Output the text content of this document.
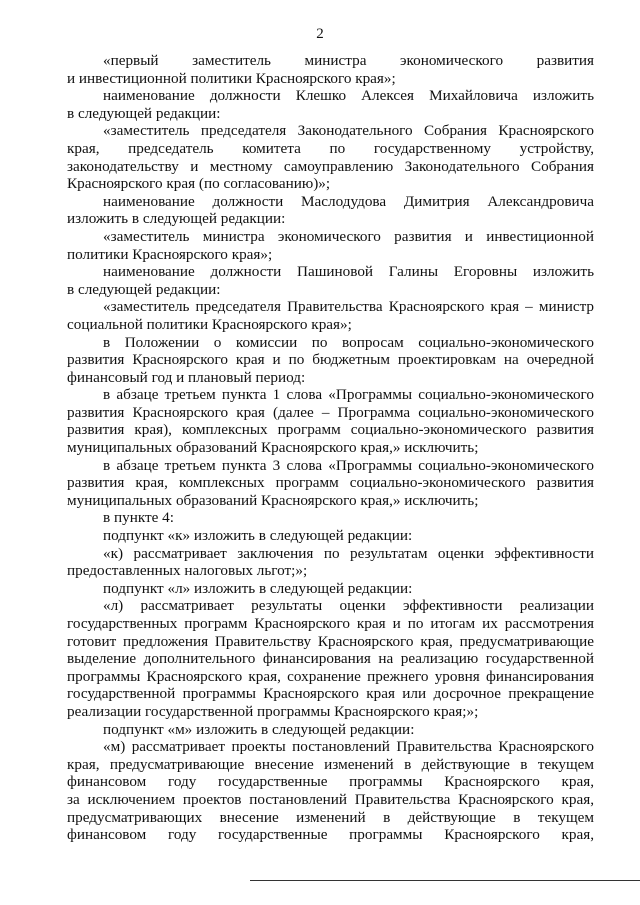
2
«первый заместитель министра экономического развития
и инвестиционной политики Красноярского края»;
наименование должности Клешко Алексея Михайловича изложить
в следующей редакции:
«заместитель председателя Законодательного Собрания Красноярского
края, председатель комитета по государственному устройству,
законодательству и местному самоуправлению Законодательного Собрания
Красноярского края (по согласованию)»;
наименование должности Маслодудова Димитрия Александровича
изложить в следующей редакции:
«заместитель министра экономического развития и инвестиционной
политики Красноярского края»;
наименование должности Пашиновой Галины Егоровны изложить
в следующей редакции:
«заместитель председателя Правительства Красноярского края – министр
социальной политики Красноярского края»;
в Положении о комиссии по вопросам социально-экономического
развития Красноярского края и по бюджетным проектировкам на очередной
финансовый год и плановый период:
в абзаце третьем пункта 1 слова «Программы социально-экономического
развития Красноярского края (далее – Программа социально-экономического
развития края), комплексных программ социально-экономического развития
муниципальных образований Красноярского края,» исключить;
в абзаце третьем пункта 3 слова «Программы социально-экономического
развития края, комплексных программ социально-экономического развития
муниципальных образований Красноярского края,» исключить;
в пункте 4:
подпункт «к» изложить в следующей редакции:
«к) рассматривает заключения по результатам оценки эффективности
предоставленных налоговых льгот;»;
подпункт «л» изложить в следующей редакции:
«л) рассматривает результаты оценки эффективности реализации
государственных программ Красноярского края и по итогам их рассмотрения
готовит предложения Правительству Красноярского края, предусматривающие
выделение дополнительного финансирования на реализацию государственной
программы Красноярского края, сохранение прежнего уровня финансирования
государственной программы Красноярского края или досрочное прекращение
реализации государственной программы Красноярского края;»;
подпункт «м» изложить в следующей редакции:
«м) рассматривает проекты постановлений Правительства Красноярского
края, предусматривающие внесение изменений в действующие в текущем
финансовом году государственные программы Красноярского края,
за исключением проектов постановлений Правительства Красноярского края,
предусматривающих внесение изменений в действующие в текущем
финансовом году государственные программы Красноярского края,
